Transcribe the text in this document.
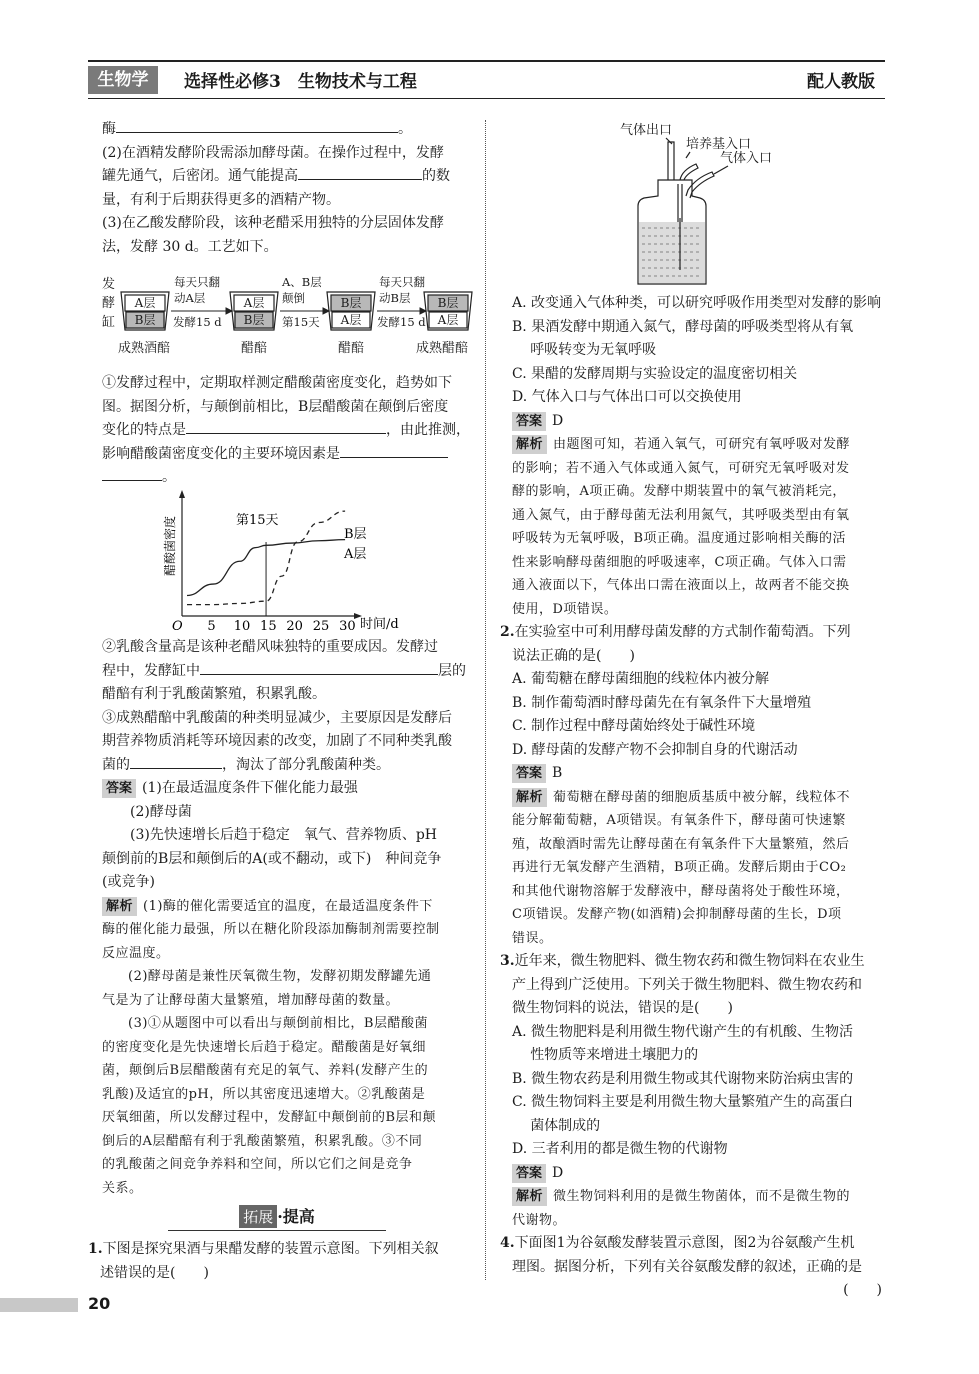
生物学	选择性必修3　生物技术与工程	配人教版

酶	。

(2)在酒精发酵阶段需添加酵母菌。在操作过程中，发酵

罐先通气，后密闭。通气能提高	的数

量，有利于后期获得更多的酒精产物。

(3)在乙酸发酵阶段，该种老醋采用独特的分层固体发酵

法，发酵 30 d。工艺如下。

发
酵
缸
A层
B层
A层
B层
B层
A层
B层
A层
每天只翻
动A层
发酵15 d
A、B层
颠倒
第15天
每天只翻
动B层
发酵15 d
成熟酒醅	醋醅	醋醅	成熟醋醅

①发酵过程中，定期取样测定醋酸菌密度变化，趋势如下

图。据图分析，与颠倒前相比，B层醋酸菌在颠倒后密度

变化的特点是	，由此推测，

影响醋酸菌密度变化的主要环境因素是

。

醋酸菌密度
O 5 10 15 20 25 30
第15天
B层
A层
时间/d

②乳酸含量高是该种老醋风味独特的重要成因。发酵过

程中，发酵缸中	层的

醋醅有利于乳酸菌繁殖，积累乳酸。

③成熟醋醅中乳酸菌的种类明显减少，主要原因是发酵后

期营养物质消耗等环境因素的改变，加剧了不同种类乳酸

菌的	，淘汰了部分乳酸菌种类。

答案 (1)在最适温度条件下催化能力最强

(2)酵母菌

(3)先快速增长后趋于稳定　氧气、营养物质、pH

颠倒前的B层和颠倒后的A(或不翻动，或下)　种间竞争

(或竞争)

解析 (1)酶的催化需要适宜的温度，在最适温度条件下

酶的催化能力最强，所以在糖化阶段添加酶制剂需要控制

反应温度。

(2)酵母菌是兼性厌氧微生物，发酵初期发酵罐先通

气是为了让酵母菌大量繁殖，增加酵母菌的数量。

(3)①从题图中可以看出与颠倒前相比，B层醋酸菌

的密度变化是先快速增长后趋于稳定。醋酸菌是好氧细

菌，颠倒后B层醋酸菌有充足的氧气、养料(发酵产生的

乳酸)及适宜的pH，所以其密度迅速增大。②乳酸菌是

厌氧细菌，所以发酵过程中，发酵缸中颠倒前的B层和颠

倒后的A层醋醅有利于乳酸菌繁殖，积累乳酸。③不同

的乳酸菌之间竞争养料和空间，所以它们之间是竞争

关系。

拓展 ·提高

1.下图是探究果酒与果醋发酵的装置示意图。下列相关叙

述错误的是(　　)

气体出口
培养基入口
气体入口

A. 改变通入气体种类，可以研究呼吸作用类型对发酵的影响

B. 果酒发酵中期通入氮气，酵母菌的呼吸类型将从有氧

呼吸转变为无氧呼吸

C. 果醋的发酵周期与实验设定的温度密切相关

D. 气体入口与气体出口可以交换使用

答案 D

解析 由题图可知，若通入氧气，可研究有氧呼吸对发酵

的影响；若不通入气体或通入氮气，可研究无氧呼吸对发

酵的影响，A项正确。发酵中期装置中的氧气被消耗完，

通入氮气，由于酵母菌无法利用氮气，其呼吸类型由有氧

呼吸转为无氧呼吸，B项正确。温度通过影响相关酶的活

性来影响酵母菌细胞的呼吸速率，C项正确。气体入口需

通入液面以下，气体出口需在液面以上，故两者不能交换

使用，D项错误。

2.在实验室中可利用酵母菌发酵的方式制作葡萄酒。下列

说法正确的是(　　)

A. 葡萄糖在酵母菌细胞的线粒体内被分解

B. 制作葡萄酒时酵母菌先在有氧条件下大量增殖

C. 制作过程中酵母菌始终处于碱性环境

D. 酵母菌的发酵产物不会抑制自身的代谢活动

答案 B

解析 葡萄糖在酵母菌的细胞质基质中被分解，线粒体不

能分解葡萄糖，A项错误。有氧条件下，酵母菌可快速繁

殖，故酿酒时需先让酵母菌在有氧条件下大量繁殖，然后

再进行无氧发酵产生酒精，B项正确。发酵后期由于CO₂

和其他代谢物溶解于发酵液中，酵母菌将处于酸性环境，

C项错误。发酵产物(如酒精)会抑制酵母菌的生长，D项

错误。

3.近年来，微生物肥料、微生物农药和微生物饲料在农业生

产上得到广泛使用。下列关于微生物肥料、微生物农药和

微生物饲料的说法，错误的是(　　)

A. 微生物肥料是利用微生物代谢产生的有机酸、生物活

性物质等来增进土壤肥力的

B. 微生物农药是利用微生物或其代谢物来防治病虫害的

C. 微生物饲料主要是利用微生物大量繁殖产生的高蛋白

菌体制成的

D. 三者利用的都是微生物的代谢物

答案 D

解析 微生物饲料利用的是微生物菌体，而不是微生物的

代谢物。

4.下面图1为谷氨酸发酵装置示意图，图2为谷氨酸产生机

理图。据图分析，下列有关谷氨酸发酵的叙述，正确的是

(　　)

20
